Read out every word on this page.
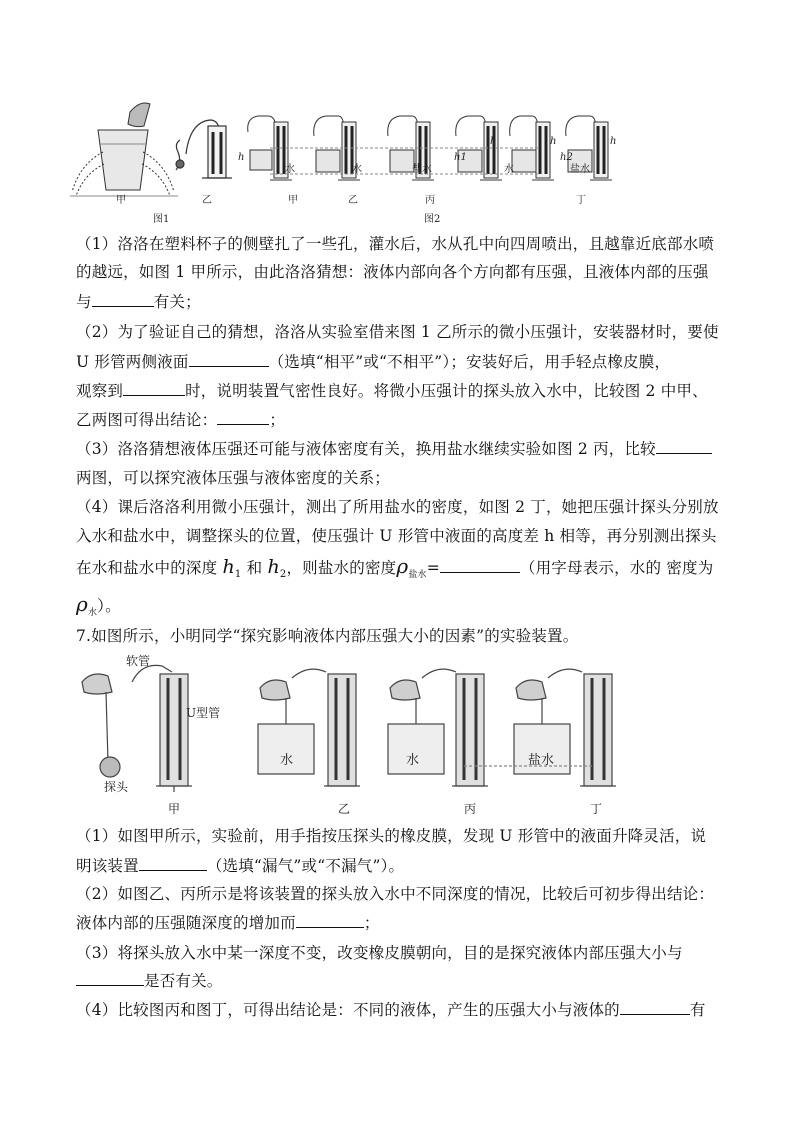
水	水	盐水	水	盐水
h
h
h1
h
h2
h
甲	乙	甲	乙	丙	丁
图1	图2
（1）洛洛在塑料杯子的侧壁扎了一些孔，灌水后，水从孔中向四周喷出，且越靠近底部水喷
的越远，如图 1 甲所示，由此洛洛猜想：液体内部向各个方向都有压强，且液体内部的压强
与	有关；
（2）为了验证自己的猜想，洛洛从实验室借来图 1 乙所示的微小压强计，安装器材时，要使
U 形管两侧液面	（选填“相平”或“不相平”）；安装好后，用手轻点橡皮膜，
观察到	时，说明装置气密性良好。将微小压强计的探头放入水中，比较图 2 中甲、
乙两图可得出结论：	；
（3）洛洛猜想液体压强还可能与液体密度有关，换用盐水继续实验如图 2 丙，比较
两图，可以探究液体压强与液体密度的关系；
（4）课后洛洛利用微小压强计，测出了所用盐水的密度，如图 2 丁，她把压强计探头分别放
入水和盐水中，调整探头的位置，使压强计 U 形管中液面的高度差 h 相等，再分别测出探头
在水和盐水中的深度 $h_1$ 和 $h_2$，则盐水的密度$\rho_{盐水}=$	（用字母表示，水的 密度为
$\rho_水$）。
7.如图所示，小明同学“探究影响液体内部压强大小的因素”的实验装置。
水	水	盐水
软管
U型管
探头
甲	乙	丙	丁
（1）如图甲所示，实验前，用手指按压探头的橡皮膜，发现 U 形管中的液面升降灵活，说
明该装置	（选填“漏气”或“不漏气”）。
（2）如图乙、丙所示是将该装置的探头放入水中不同深度的情况，比较后可初步得出结论：
液体内部的压强随深度的增加而	；
（3）将探头放入水中某一深度不变，改变橡皮膜朝向，目的是探究液体内部压强大小与
是否有关。
（4）比较图丙和图丁，可得出结论是：不同的液体，产生的压强大小与液体的	有
